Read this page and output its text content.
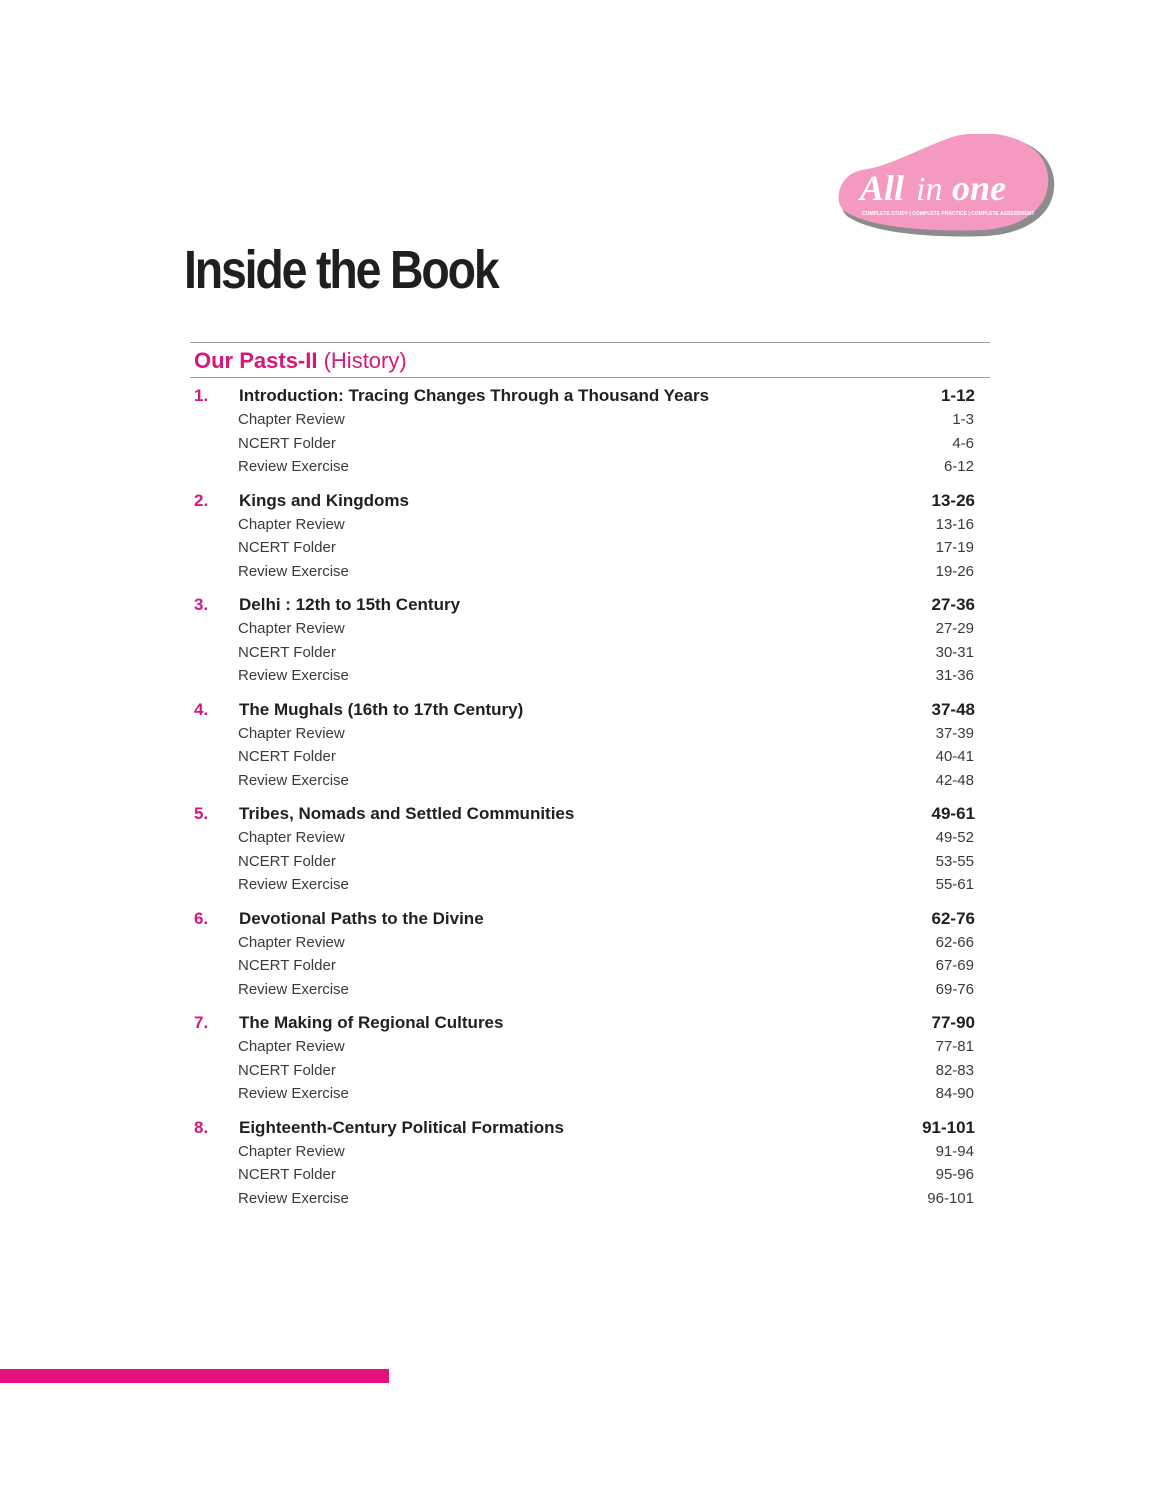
All in one
COMPLETE STUDY | COMPLETE PRACTICE | COMPLETE ASSESSMENT
Inside the Book
Our Pasts-II (History)
1. Introduction: Tracing Changes Through a Thousand Years	1-12
Chapter Review	1-3
NCERT Folder	4-6
Review Exercise	6-12
2. Kings and Kingdoms	13-26
Chapter Review	13-16
NCERT Folder	17-19
Review Exercise	19-26
3. Delhi : 12th to 15th Century	27-36
Chapter Review	27-29
NCERT Folder	30-31
Review Exercise	31-36
4. The Mughals (16th to 17th Century)	37-48
Chapter Review	37-39
NCERT Folder	40-41
Review Exercise	42-48
5. Tribes, Nomads and Settled Communities	49-61
Chapter Review	49-52
NCERT Folder	53-55
Review Exercise	55-61
6. Devotional Paths to the Divine	62-76
Chapter Review	62-66
NCERT Folder	67-69
Review Exercise	69-76
7. The Making of Regional Cultures	77-90
Chapter Review	77-81
NCERT Folder	82-83
Review Exercise	84-90
8. Eighteenth-Century Political Formations	91-101
Chapter Review	91-94
NCERT Folder	95-96
Review Exercise	96-101
